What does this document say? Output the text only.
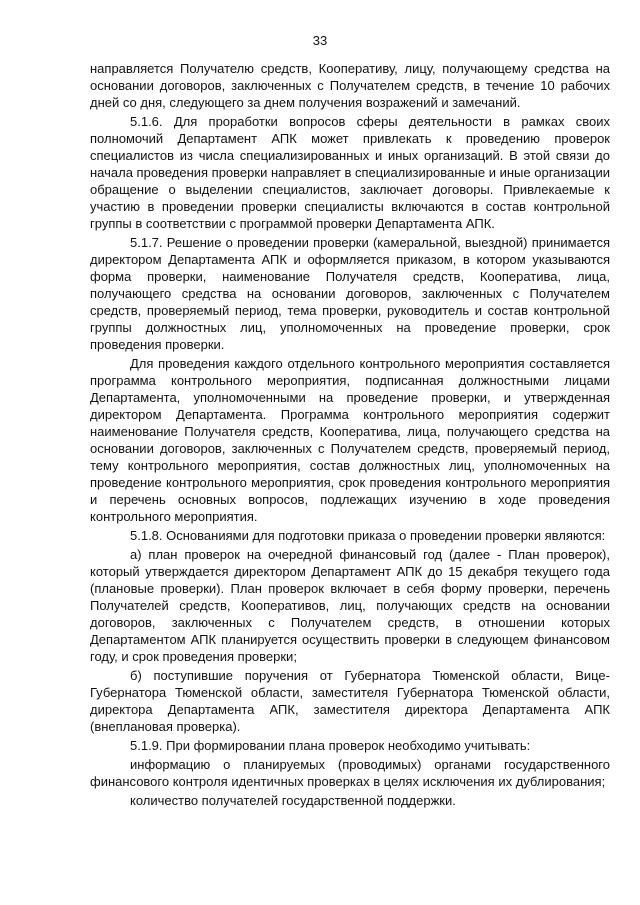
33

направляется Получателю средств, Кооперативу, лицу, получающему средства на основании договоров, заключенных с Получателем средств, в течение 10 рабочих дней со дня, следующего за днем получения возражений и замечаний.

5.1.6. Для проработки вопросов сферы деятельности в рамках своих полномочий Департамент АПК может привлекать к проведению проверок специалистов из числа специализированных и иных организаций. В этой связи до начала проведения проверки направляет в специализированные и иные организации обращение о выделении специалистов, заключает договоры. Привлекаемые к участию в проведении проверки специалисты включаются в состав контрольной группы в соответствии с программой проверки Департамента АПК.

5.1.7. Решение о проведении проверки (камеральной, выездной) принимается директором Департамента АПК и оформляется приказом, в котором указываются форма проверки, наименование Получателя средств, Кооператива, лица, получающего средства на основании договоров, заключенных с Получателем средств, проверяемый период, тема проверки, руководитель и состав контрольной группы должностных лиц, уполномоченных на проведение проверки, срок проведения проверки.

Для проведения каждого отдельного контрольного мероприятия составляется программа контрольного мероприятия, подписанная должностными лицами Департамента, уполномоченными на проведение проверки, и утвержденная директором Департамента. Программа контрольного мероприятия содержит наименование Получателя средств, Кооператива, лица, получающего средства на основании договоров, заключенных с Получателем средств, проверяемый период, тему контрольного мероприятия, состав должностных лиц, уполномоченных на проведение контрольного мероприятия, срок проведения контрольного мероприятия и перечень основных вопросов, подлежащих изучению в ходе проведения контрольного мероприятия.

5.1.8. Основаниями для подготовки приказа о проведении проверки являются:

а) план проверок на очередной финансовый год (далее - План проверок), который утверждается директором Департамент АПК до 15 декабря текущего года (плановые проверки). План проверок включает в себя форму проверки, перечень Получателей средств, Кооперативов, лиц, получающих средств на основании договоров, заключенных с Получателем средств, в отношении которых Департаментом АПК планируется осуществить проверки в следующем финансовом году, и срок проведения проверки;

б) поступившие поручения от Губернатора Тюменской области, Вице-Губернатора Тюменской области, заместителя Губернатора Тюменской области, директора Департамента АПК, заместителя директора Департамента АПК (внеплановая проверка).

5.1.9. При формировании плана проверок необходимо учитывать:

информацию о планируемых (проводимых) органами государственного финансового контроля идентичных проверках в целях исключения их дублирования;

количество получателей государственной поддержки.
